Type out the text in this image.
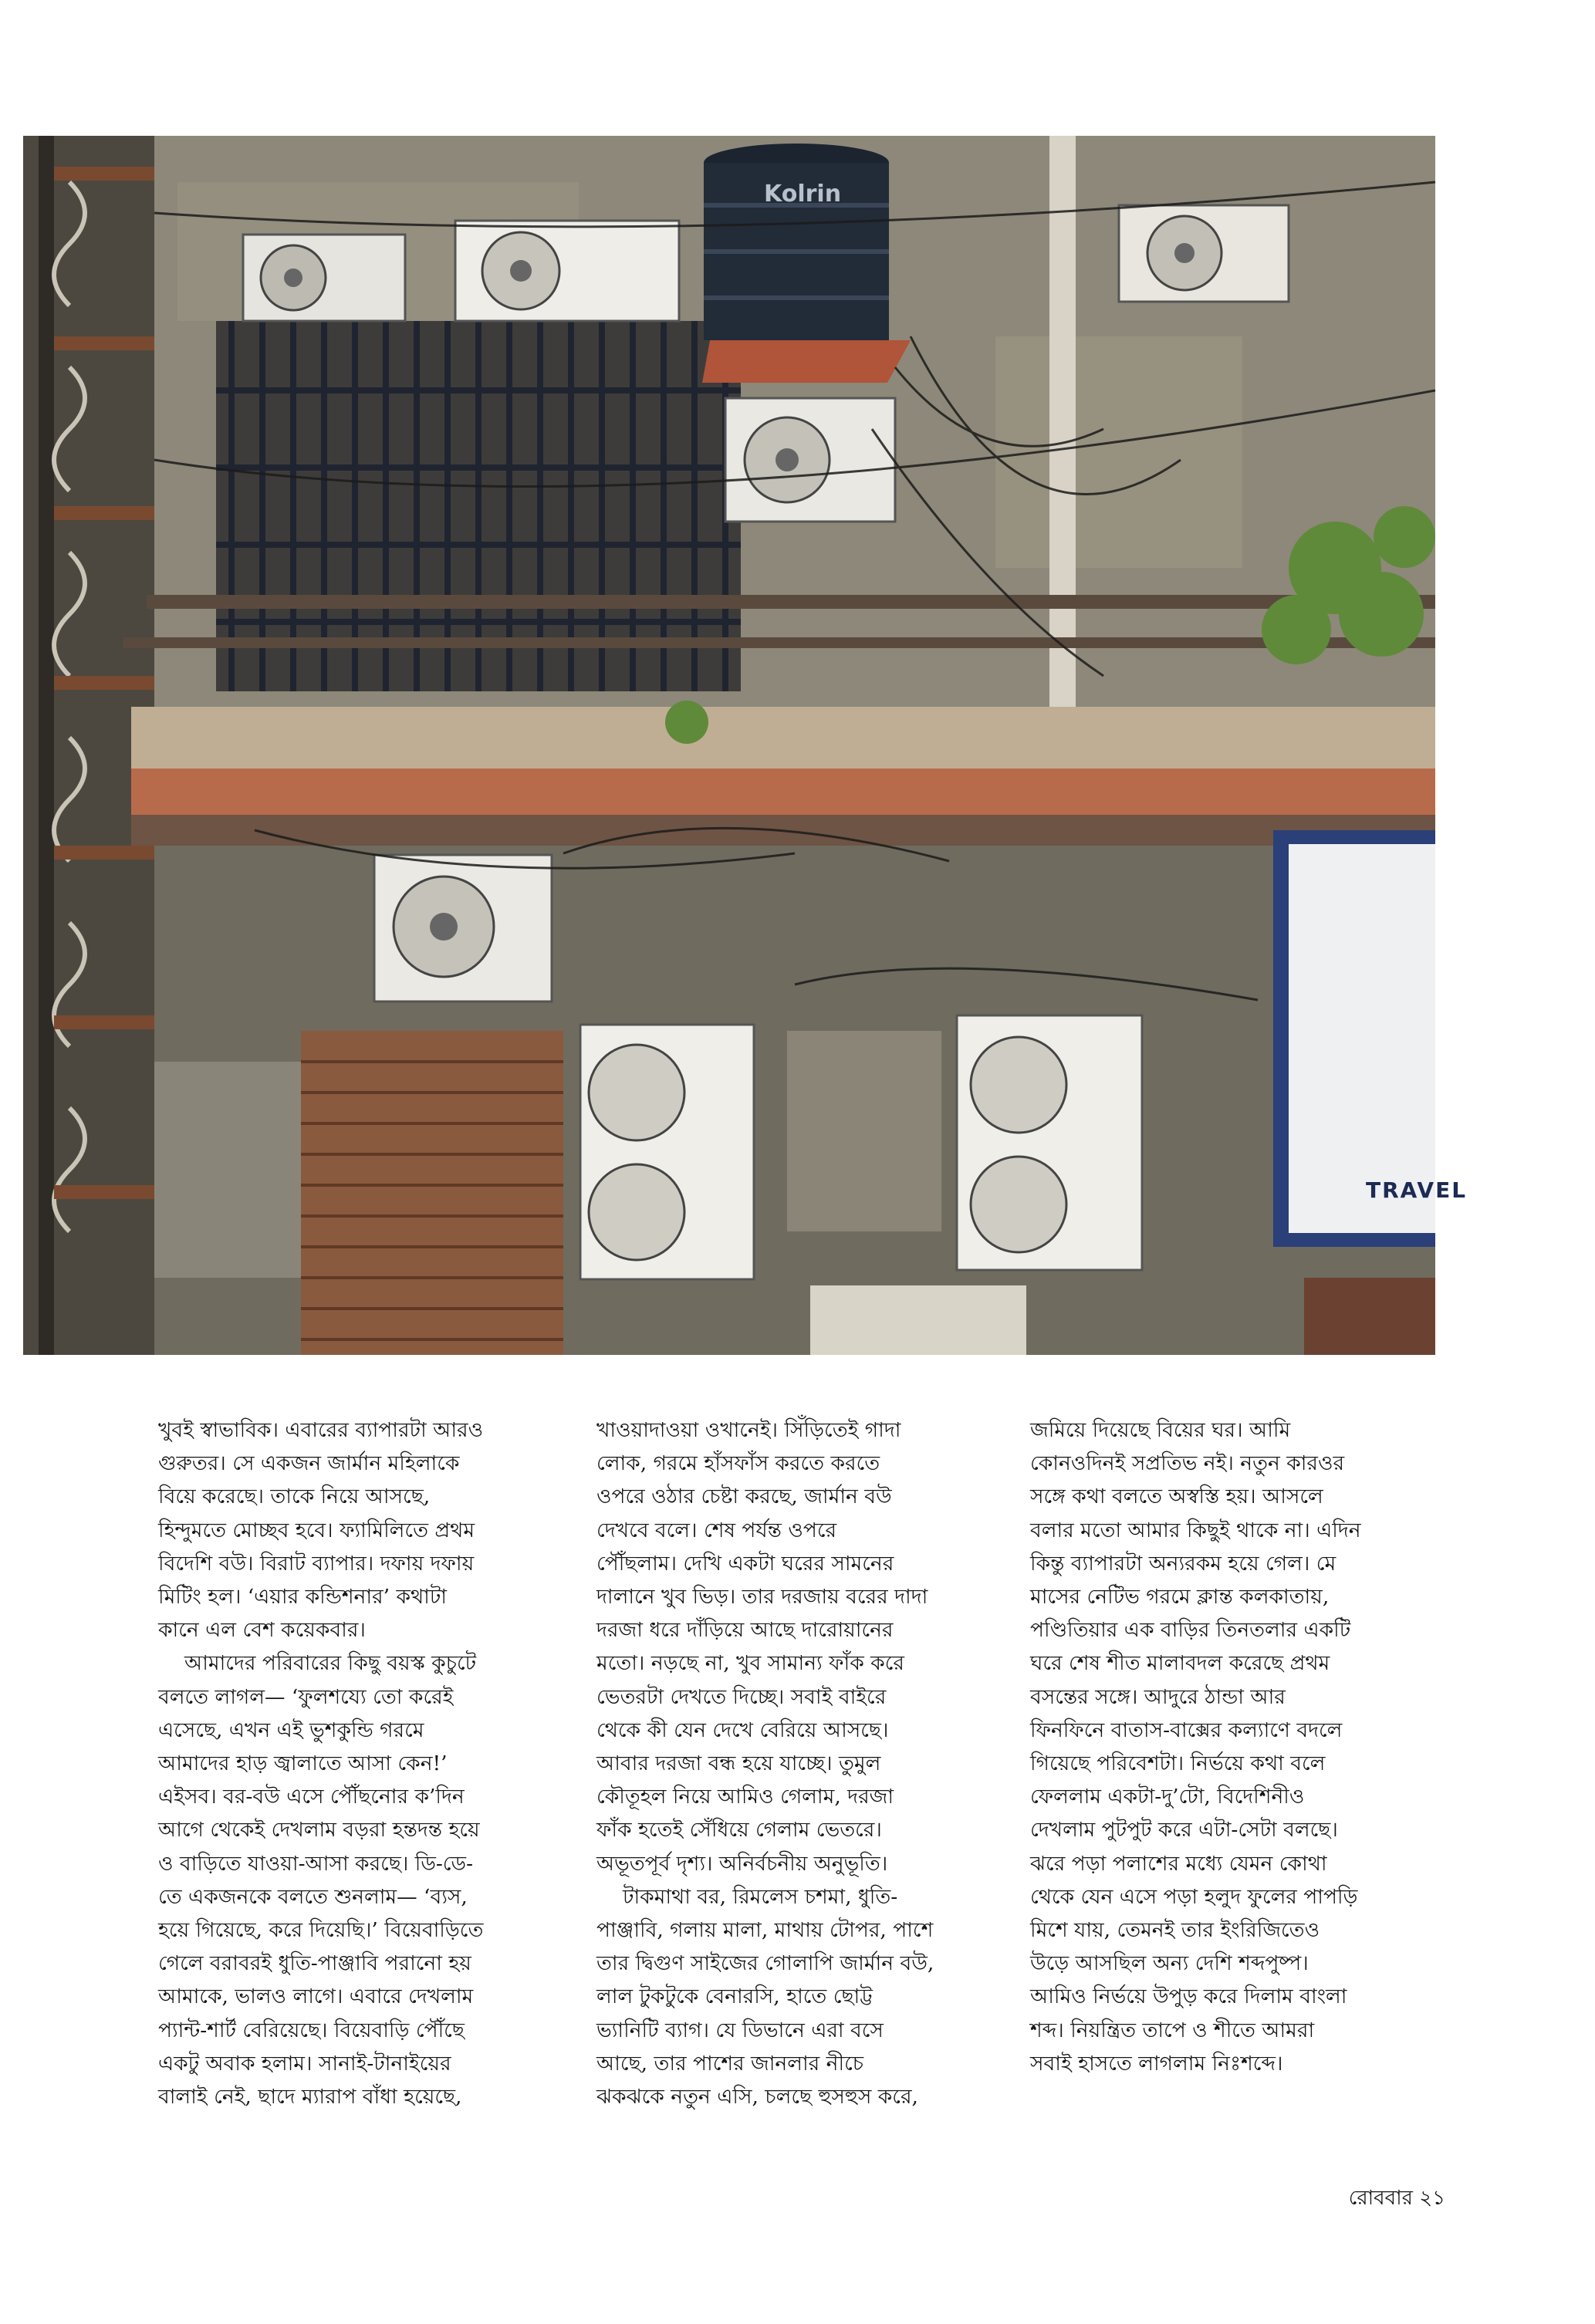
Kolrin
TRAVEL

খুবই স্বাভাবিক। এবারের ব্যাপারটা আরও

গুরুতর। সে একজন জার্মান মহিলাকে

বিয়ে করেছে। তাকে নিয়ে আসছে,

হিন্দুমতে মোচ্ছব হবে। ফ্যামিলিতে প্রথম

বিদেশি বউ। বিরাট ব্যাপার। দফায় দফায়

মিটিং হল। ‘এয়ার কন্ডিশনার’ কথাটা

কানে এল বেশ কয়েকবার।

আমাদের পরিবারের কিছু বয়স্ক কুচুটে

বলতে লাগল— ‘ফুলশয্যে তো করেই

এসেছে, এখন এই ভুশকুন্ডি গরমে

আমাদের হাড় জ্বালাতে আসা কেন!’

এইসব। বর-বউ এসে পৌঁছনোর ক’দিন

আগে থেকেই দেখলাম বড়রা হন্তদন্ত হয়ে

ও বাড়িতে যাওয়া-আসা করছে। ডি-ডে-

তে একজনকে বলতে শুনলাম— ‘ব্যস,

হয়ে গিয়েছে, করে দিয়েছি।’ বিয়েবাড়িতে

গেলে বরাবরই ধুতি-পাঞ্জাবি পরানো হয়

আমাকে, ভালও লাগে। এবারে দেখলাম

প্যান্ট-শার্ট বেরিয়েছে। বিয়েবাড়ি পৌঁছে

একটু অবাক হলাম। সানাই-টানাইয়ের

বালাই নেই, ছাদে ম্যারাপ বাঁধা হয়েছে,

খাওয়াদাওয়া ওখানেই। সিঁড়িতেই গাদা

লোক, গরমে হাঁসফাঁস করতে করতে

ওপরে ওঠার চেষ্টা করছে, জার্মান বউ

দেখবে বলে। শেষ পর্যন্ত ওপরে

পৌঁছলাম। দেখি একটা ঘরের সামনের

দালানে খুব ভিড়। তার দরজায় বরের দাদা

দরজা ধরে দাঁড়িয়ে আছে দারোয়ানের

মতো। নড়ছে না, খুব সামান্য ফাঁক করে

ভেতরটা দেখতে দিচ্ছে। সবাই বাইরে

থেকে কী যেন দেখে বেরিয়ে আসছে।

আবার দরজা বন্ধ হয়ে যাচ্ছে। তুমুল

কৌতূহল নিয়ে আমিও গেলাম, দরজা

ফাঁক হতেই সেঁধিয়ে গেলাম ভেতরে।

অভূতপূর্ব দৃশ্য। অনির্বচনীয় অনুভূতি।

টাকমাথা বর, রিমলেস চশমা, ধুতি-

পাঞ্জাবি, গলায় মালা, মাথায় টোপর, পাশে

তার দ্বিগুণ সাইজের গোলাপি জার্মান বউ,

লাল টুকটুকে বেনারসি, হাতে ছোট্ট

ভ্যানিটি ব্যাগ। যে ডিভানে এরা বসে

আছে, তার পাশের জানলার নীচে

ঝকঝকে নতুন এসি, চলছে হুসহুস করে,

জমিয়ে দিয়েছে বিয়ের ঘর। আমি

কোনওদিনই সপ্রতিভ নই। নতুন কারওর

সঙ্গে কথা বলতে অস্বস্তি হয়। আসলে

বলার মতো আমার কিছুই থাকে না। এদিন

কিন্তু ব্যাপারটা অন্যরকম হয়ে গেল। মে

মাসের নেটিভ গরমে ক্লান্ত কলকাতায়,

পণ্ডিতিয়ার এক বাড়ির তিনতলার একটি

ঘরে শেষ শীত মালাবদল করেছে প্রথম

বসন্তের সঙ্গে। আদুরে ঠান্ডা আর

ফিনফিনে বাতাস-বাক্সের কল্যাণে বদলে

গিয়েছে পরিবেশটা। নির্ভয়ে কথা বলে

ফেললাম একটা-দু’টো, বিদেশিনীও

দেখলাম পুটপুট করে এটা-সেটা বলছে।

ঝরে পড়া পলাশের মধ্যে যেমন কোথা

থেকে যেন এসে পড়া হলুদ ফুলের পাপড়ি

মিশে যায়, তেমনই তার ইংরিজিতেও

উড়ে আসছিল অন্য দেশি শব্দপুষ্প।

আমিও নির্ভয়ে উপুড় করে দিলাম বাংলা

শব্দ। নিয়ন্ত্রিত তাপে ও শীতে আমরা

সবাই হাসতে লাগলাম নিঃশব্দে।

রোববার ২১
